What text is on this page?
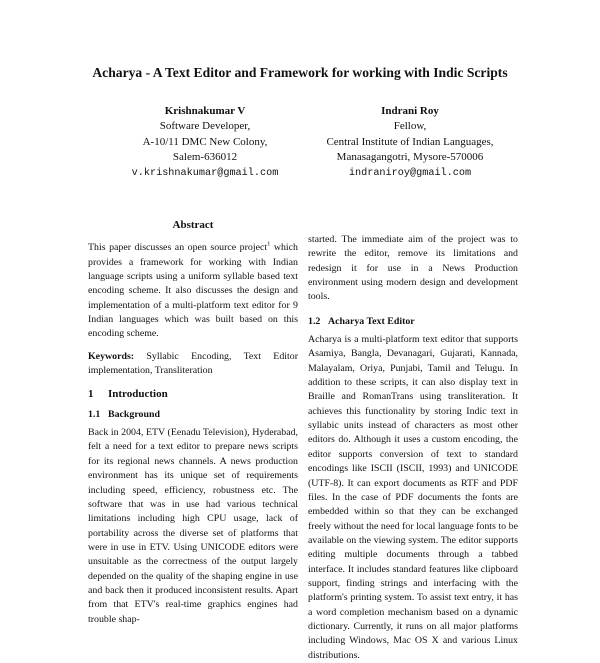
Acharya - A Text Editor and Framework for working with Indic Scripts
Krishnakumar V
Software Developer,
A-10/11 DMC New Colony,
Salem-636012
v.krishnakumar@gmail.com
Indrani Roy
Fellow,
Central Institute of Indian Languages,
Manasagangotri, Mysore-570006
indraniroy@gmail.com
Abstract

This paper discusses an open source project$^1$ which provides a framework for working with Indian language scripts using a uniform syllable based text encoding scheme. It also discusses the design and implementation of a multi-platform text editor for 9 Indian languages which was built based on this encoding scheme.

Keywords: Syllabic Encoding, Text Editor implementation, Transliteration

1 Introduction
1.1 Background

Back in 2004, ETV (Eenadu Television), Hyderabad, felt a need for a text editor to prepare news scripts for its regional news channels. A news production environment has its unique set of requirements including speed, efficiency, robustness etc. The software that was in use had various technical limitations including high CPU usage, lack of portability across the diverse set of platforms that were in use in ETV. Using UNICODE editors were unsuitable as the correctness of the output largely depended on the quality of the shaping engine in use and back then it produced inconsistent results. Apart from that ETV's real-time graphics engines had trouble shap-

started. The immediate aim of the project was to rewrite the editor, remove its limitations and redesign it for use in a News Production environment using modern design and development tools.

1.2 Acharya Text Editor

Acharya is a multi-platform text editor that supports Asamiya, Bangla, Devanagari, Gujarati, Kannada, Malayalam, Oriya, Punjabi, Tamil and Telugu. In addition to these scripts, it can also display text in Braille and RomanTrans using transliteration. It achieves this functionality by storing Indic text in syllabic units instead of characters as most other editors do. Although it uses a custom encoding, the editor supports conversion of text to standard encodings like ISCII (ISCII, 1993) and UNICODE (UTF-8). It can export documents as RTF and PDF files. In the case of PDF documents the fonts are embedded within so that they can be exchanged freely without the need for local language fonts to be available on the viewing system. The editor supports editing multiple documents through a tabbed interface. It includes standard features like clipboard support, finding strings and interfacing with the platform's printing system. To assist text entry, it has a word completion mechanism based on a dynamic dictionary. Currently, it runs on all major platforms including Windows, Mac OS X and various Linux distributions.
